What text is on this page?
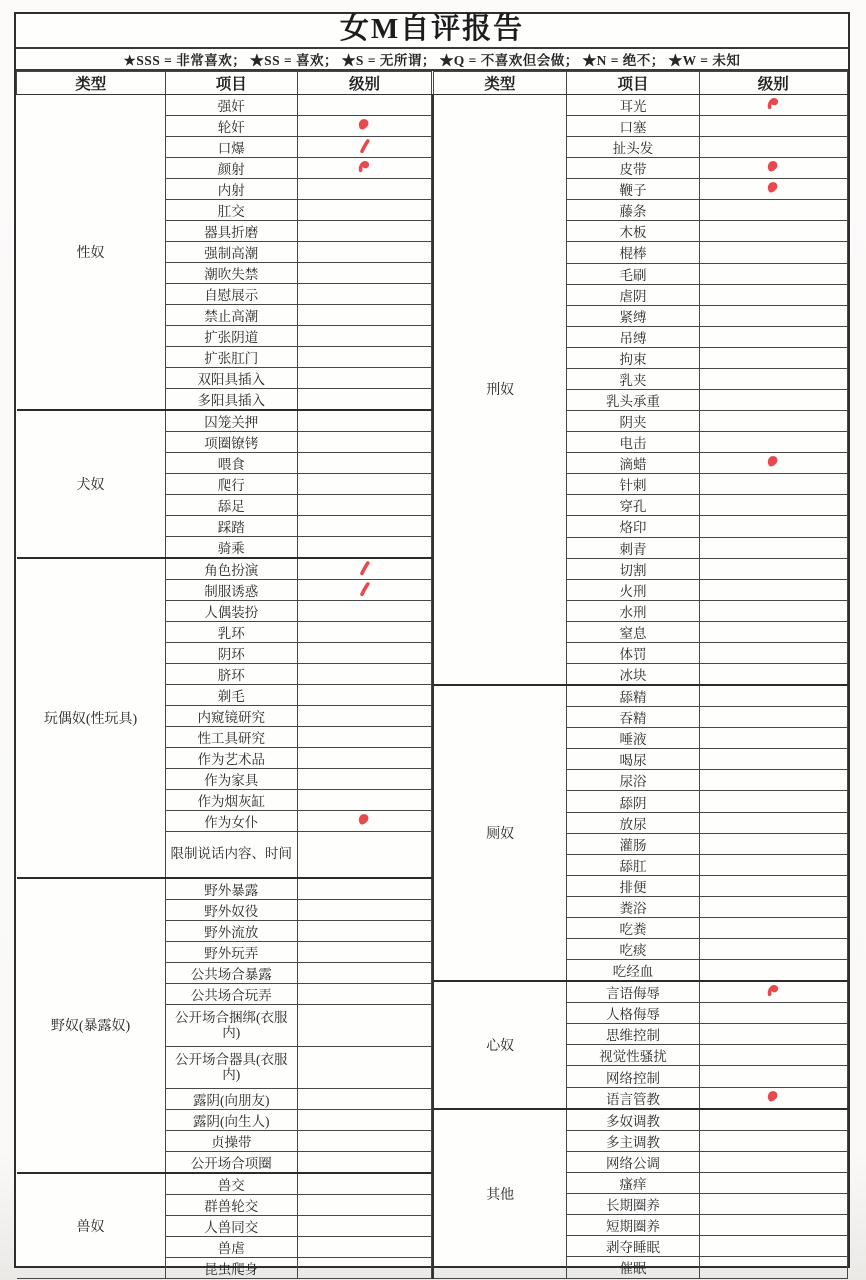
女M自评报告
★SSS = 非常喜欢； ★SS = 喜欢； ★S = 无所谓； ★Q = 不喜欢但会做； ★N = 绝不； ★W = 未知
类型	项目	级别
性奴	强奸	
	轮奸	

	口爆	

	颜射	

	内射	
	肛交	
	器具折磨	
	强制高潮	
	潮吹失禁	
	自慰展示	
	禁止高潮	
	扩张阴道	
	扩张肛门	
	双阳具插入	
	多阳具插入	
犬奴	囚笼关押	
	项圈镣铐	
	喂食	
	爬行	
	舔足	
	踩踏	
	骑乘	
玩偶奴(性玩具)	角色扮演	

	制服诱惑	

	人偶装扮	
	乳环	
	阴环	
	脐环	
	剃毛	
	内窥镜研究	
	性工具研究	
	作为艺术品	
	作为家具	
	作为烟灰缸	
	作为女仆	

	限制说话内容、时间	
野奴(暴露奴)	野外暴露	
	野外奴役	
	野外流放	
	野外玩弄	
	公共场合暴露	
	公共场合玩弄	
	公开场合捆绑(衣服内)	
	公开场合器具(衣服内)	
	露阴(向朋友)	
	露阴(向生人)	
	贞操带	
	公开场合项圈	
兽奴	兽交	
	群兽轮交	
	人兽同交	
	兽虐	
	昆虫爬身	
类型	项目	级别
刑奴	耳光	

	口塞	
	扯头发	
	皮带	

	鞭子	

	藤条	
	木板	
	棍棒	
	毛刷	
	虐阴	
	紧缚	
	吊缚	
	拘束	
	乳夹	
	乳头承重	
	阴夹	
	电击	
	滴蜡	

	针刺	
	穿孔	
	烙印	
	刺青	
	切割	
	火刑	
	水刑	
	窒息	
	体罚	
	冰块	
厕奴	舔精	
	吞精	
	唾液	
	喝尿	
	尿浴	
	舔阴	
	放尿	
	灌肠	
	舔肛	
	排便	
	粪浴	
	吃粪	
	吃痰	
	吃经血	
心奴	言语侮辱	

	人格侮辱	
	思维控制	
	视觉性骚扰	
	网络控制	
	语言管教	

其他	多奴调教	
	多主调教	
	网络公调	
	瘙痒	
	长期圈养	
	短期圈养	
	剥夺睡眠	
	催眠	
